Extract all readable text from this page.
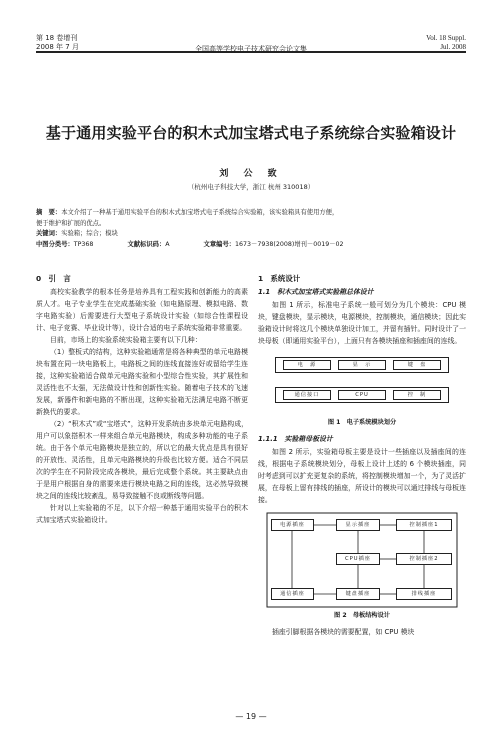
第 18 卷增刊
2008 年 7 月	全国高等学校电子技术研究会论文集
Vol. 18 Suppl.
Jul. 2008
基于通用实验平台的积木式加宝塔式电子系统综合实验箱设计
刘 公 致
（杭州电子科技大学，浙江 杭州 310018）
摘　要：本文介绍了一种基于通用实验平台的积木式加宝塔式电子系统综合实验箱，该实验箱具有使用方便，
便于维护和扩展的优点。
关键词：实验箱；综合；模块
中图分类号：TP368	文献标识码：A	文章编号：1673－7938(2008)增刊－0019－02
0　引　言
高校实验教学的根本任务是培养具有工程实践和创新能力的高素质人才。电子专业学生在完成基础实验（如电路原理、模拟电路、数字电路实验）后需要进行大型电子系统设计实验（如综合性课程设计、电子竞赛、毕业设计等），设计合适的电子系统实验箱非常重要。
目前，市场上的实验系统实验箱主要有以下几种：
（1）整板式的结构，这种实验箱通常是将各种典型的单元电路模块布置在同一块电路板上，电路板之间的连线直接连好或留给学生连接，这种实验箱适合做单元电路实验和小型综合性实验，其扩展性和灵活性也不太强，无法做设计性和创新性实验。随着电子技术的飞速发展，新器件和新电路的不断出现，这种实验箱无法满足电路不断更新换代的要求。
（2）“积木式”或“宝塔式”，这种开发系统由多块单元电路构成，用户可以象搭积木一样来组合单元电路模块，构成多种功能的电子系统。由于各个单元电路模块是独立的，所以它的最大优点是具有很好的开放性、灵活性，且单元电路模块的升级也比较方便。适合不同层次的学生在不同阶段完成各模块，最后完成整个系统。其主要缺点由于是用户根据自身的需要来进行模块电路之间的连线，这必然导致模块之间的连线比较紊乱，易导致接触不良或断线等问题。
针对以上实验箱的不足，以下介绍一种基于通用实验平台的积木式加宝塔式实验箱设计。
1　系统设计
1.1　积木式加宝塔式实验箱总体设计
如图 1 所示，标准电子系统一般可划分为几个模块：CPU 模块，键盘模块，显示模块，电源模块，控制模块，通信模块；因此实验箱设计时将这几个模块单独设计加工，并留有插针。同时设计了一块母板（即通用实验平台），上面只有各模块插座和插座间的连线。
电　源	显　示	键　盘
通信接口	CPU	控　制
图 1　电子系统模块划分
1.1.1　实验箱母板设计
如图 2 所示，实验箱母板主要是设计一些插座以及插座间的连线，根据电子系统模块划分，母板上设计上述的 6 个模块插座，同时考虑到可以扩充更复杂的系统，将控制模块增加一个，为了灵活扩展，在母板上留有排线的插座，所设计的模块可以通过排线与母板连接。
电源插座	显示插座	控制插座1
CPU插座	控制插座2
通信插座	键盘插座	排线插座
图 2　母板结构设计
插座引脚根据各模块的需要配置，如 CPU 模块
— 19 —
